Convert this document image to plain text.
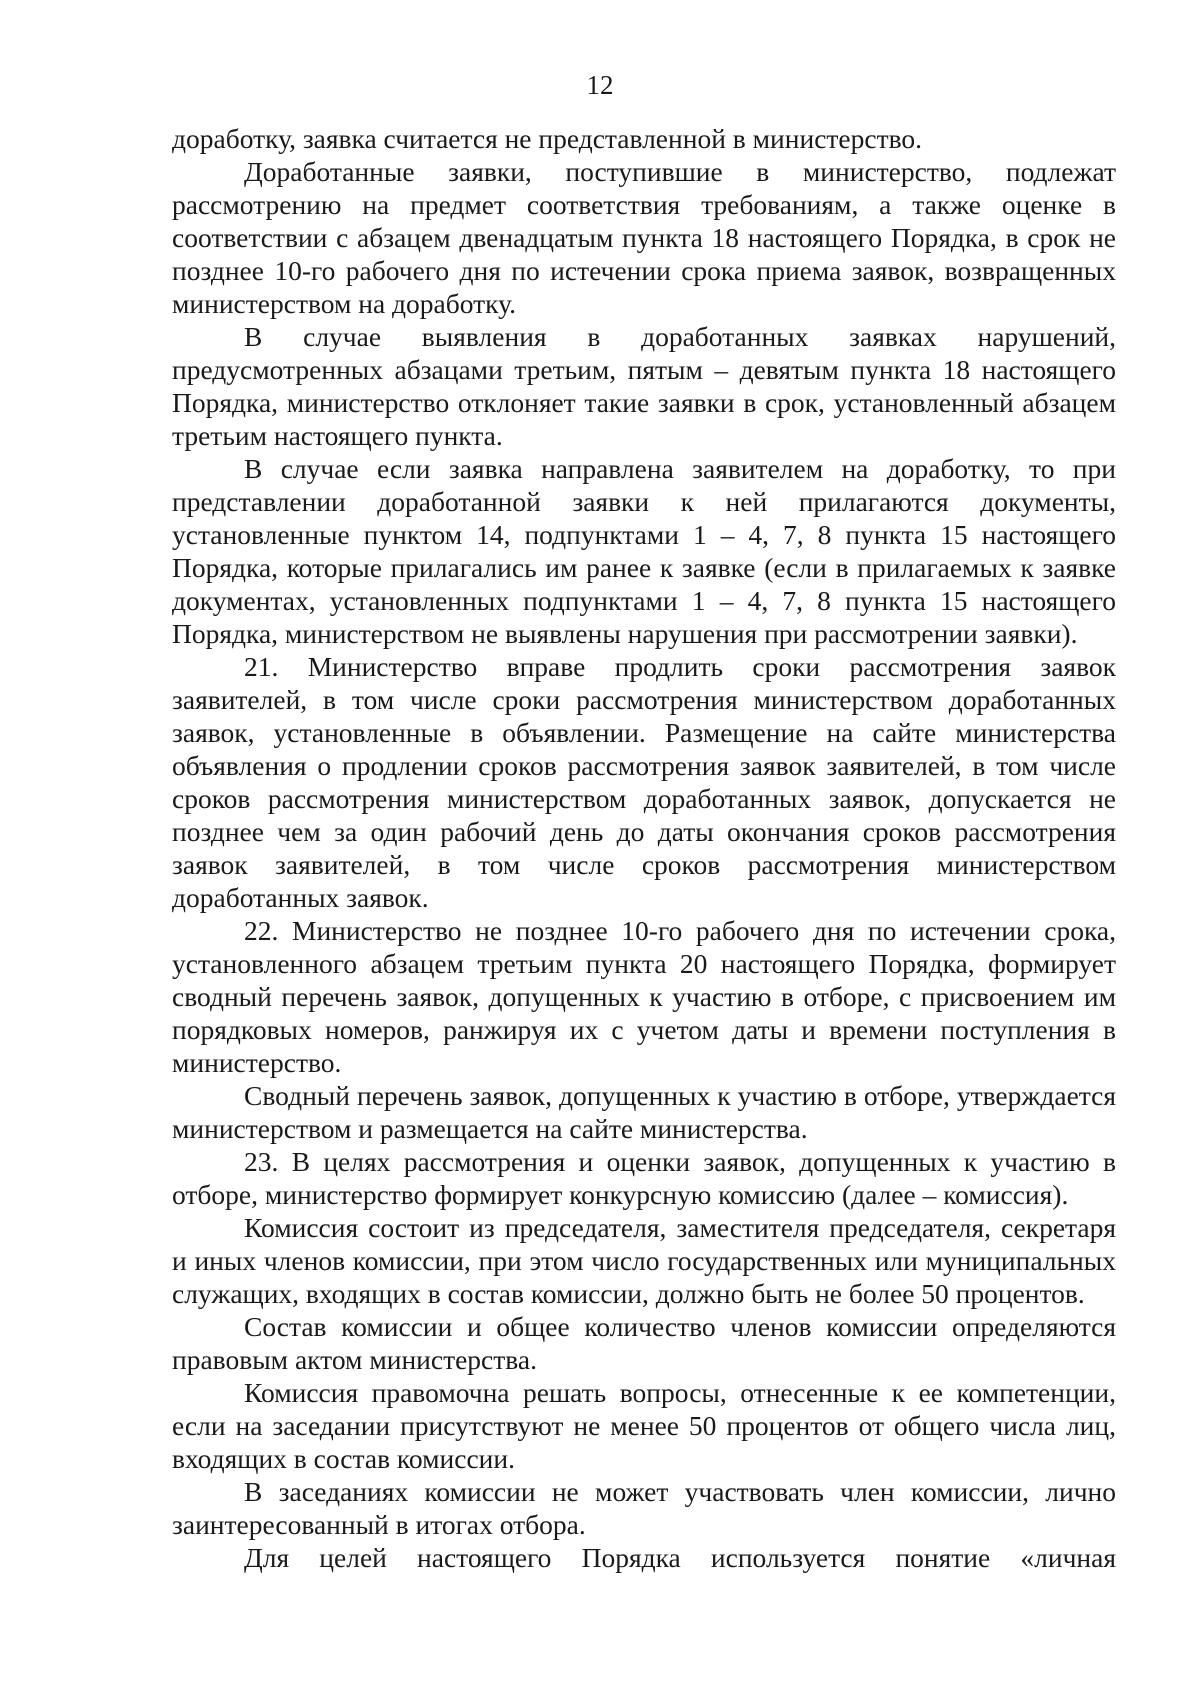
12

доработку, заявка считается не представленной в министерство.

Доработанные заявки, поступившие в министерство, подлежат рассмотрению на предмет соответствия требованиям, а также оценке в соответствии с абзацем двенадцатым пункта 18 настоящего Порядка, в срок не позднее 10-го рабочего дня по истечении срока приема заявок, возвращенных министерством на доработку.

В случае выявления в доработанных заявках нарушений, предусмотренных абзацами третьим, пятым – девятым пункта 18 настоящего Порядка, министерство отклоняет такие заявки в срок, установленный абзацем третьим настоящего пункта.

В случае если заявка направлена заявителем на доработку, то при представлении доработанной заявки к ней прилагаются документы, установленные пунктом 14, подпунктами 1 – 4, 7, 8 пункта 15 настоящего Порядка, которые прилагались им ранее к заявке (если в прилагаемых к заявке документах, установленных подпунктами 1 – 4, 7, 8 пункта 15 настоящего Порядка, министерством не выявлены нарушения при рассмотрении заявки).

21. Министерство вправе продлить сроки рассмотрения заявок заявителей, в том числе сроки рассмотрения министерством доработанных заявок, установленные в объявлении. Размещение на сайте министерства объявления о продлении сроков рассмотрения заявок заявителей, в том числе сроков рассмотрения министерством доработанных заявок, допускается не позднее чем за один рабочий день до даты окончания сроков рассмотрения заявок заявителей, в том числе сроков рассмотрения министерством доработанных заявок.

22. Министерство не позднее 10-го рабочего дня по истечении срока, установленного абзацем третьим пункта 20 настоящего Порядка, формирует сводный перечень заявок, допущенных к участию в отборе, с присвоением им порядковых номеров, ранжируя их с учетом даты и времени поступления в министерство.

Сводный перечень заявок, допущенных к участию в отборе, утверждается министерством и размещается на сайте министерства.

23. В целях рассмотрения и оценки заявок, допущенных к участию в отборе, министерство формирует конкурсную комиссию (далее – комиссия).

Комиссия состоит из председателя, заместителя председателя, секретаря и иных членов комиссии, при этом число государственных или муниципальных служащих, входящих в состав комиссии, должно быть не более 50 процентов.

Состав комиссии и общее количество членов комиссии определяются правовым актом министерства.

Комиссия правомочна решать вопросы, отнесенные к ее компетенции, если на заседании присутствуют не менее 50 процентов от общего числа лиц, входящих в состав комиссии.

В заседаниях комиссии не может участвовать член комиссии, лично заинтересованный в итогах отбора.

Для целей настоящего Порядка используется понятие «личная
